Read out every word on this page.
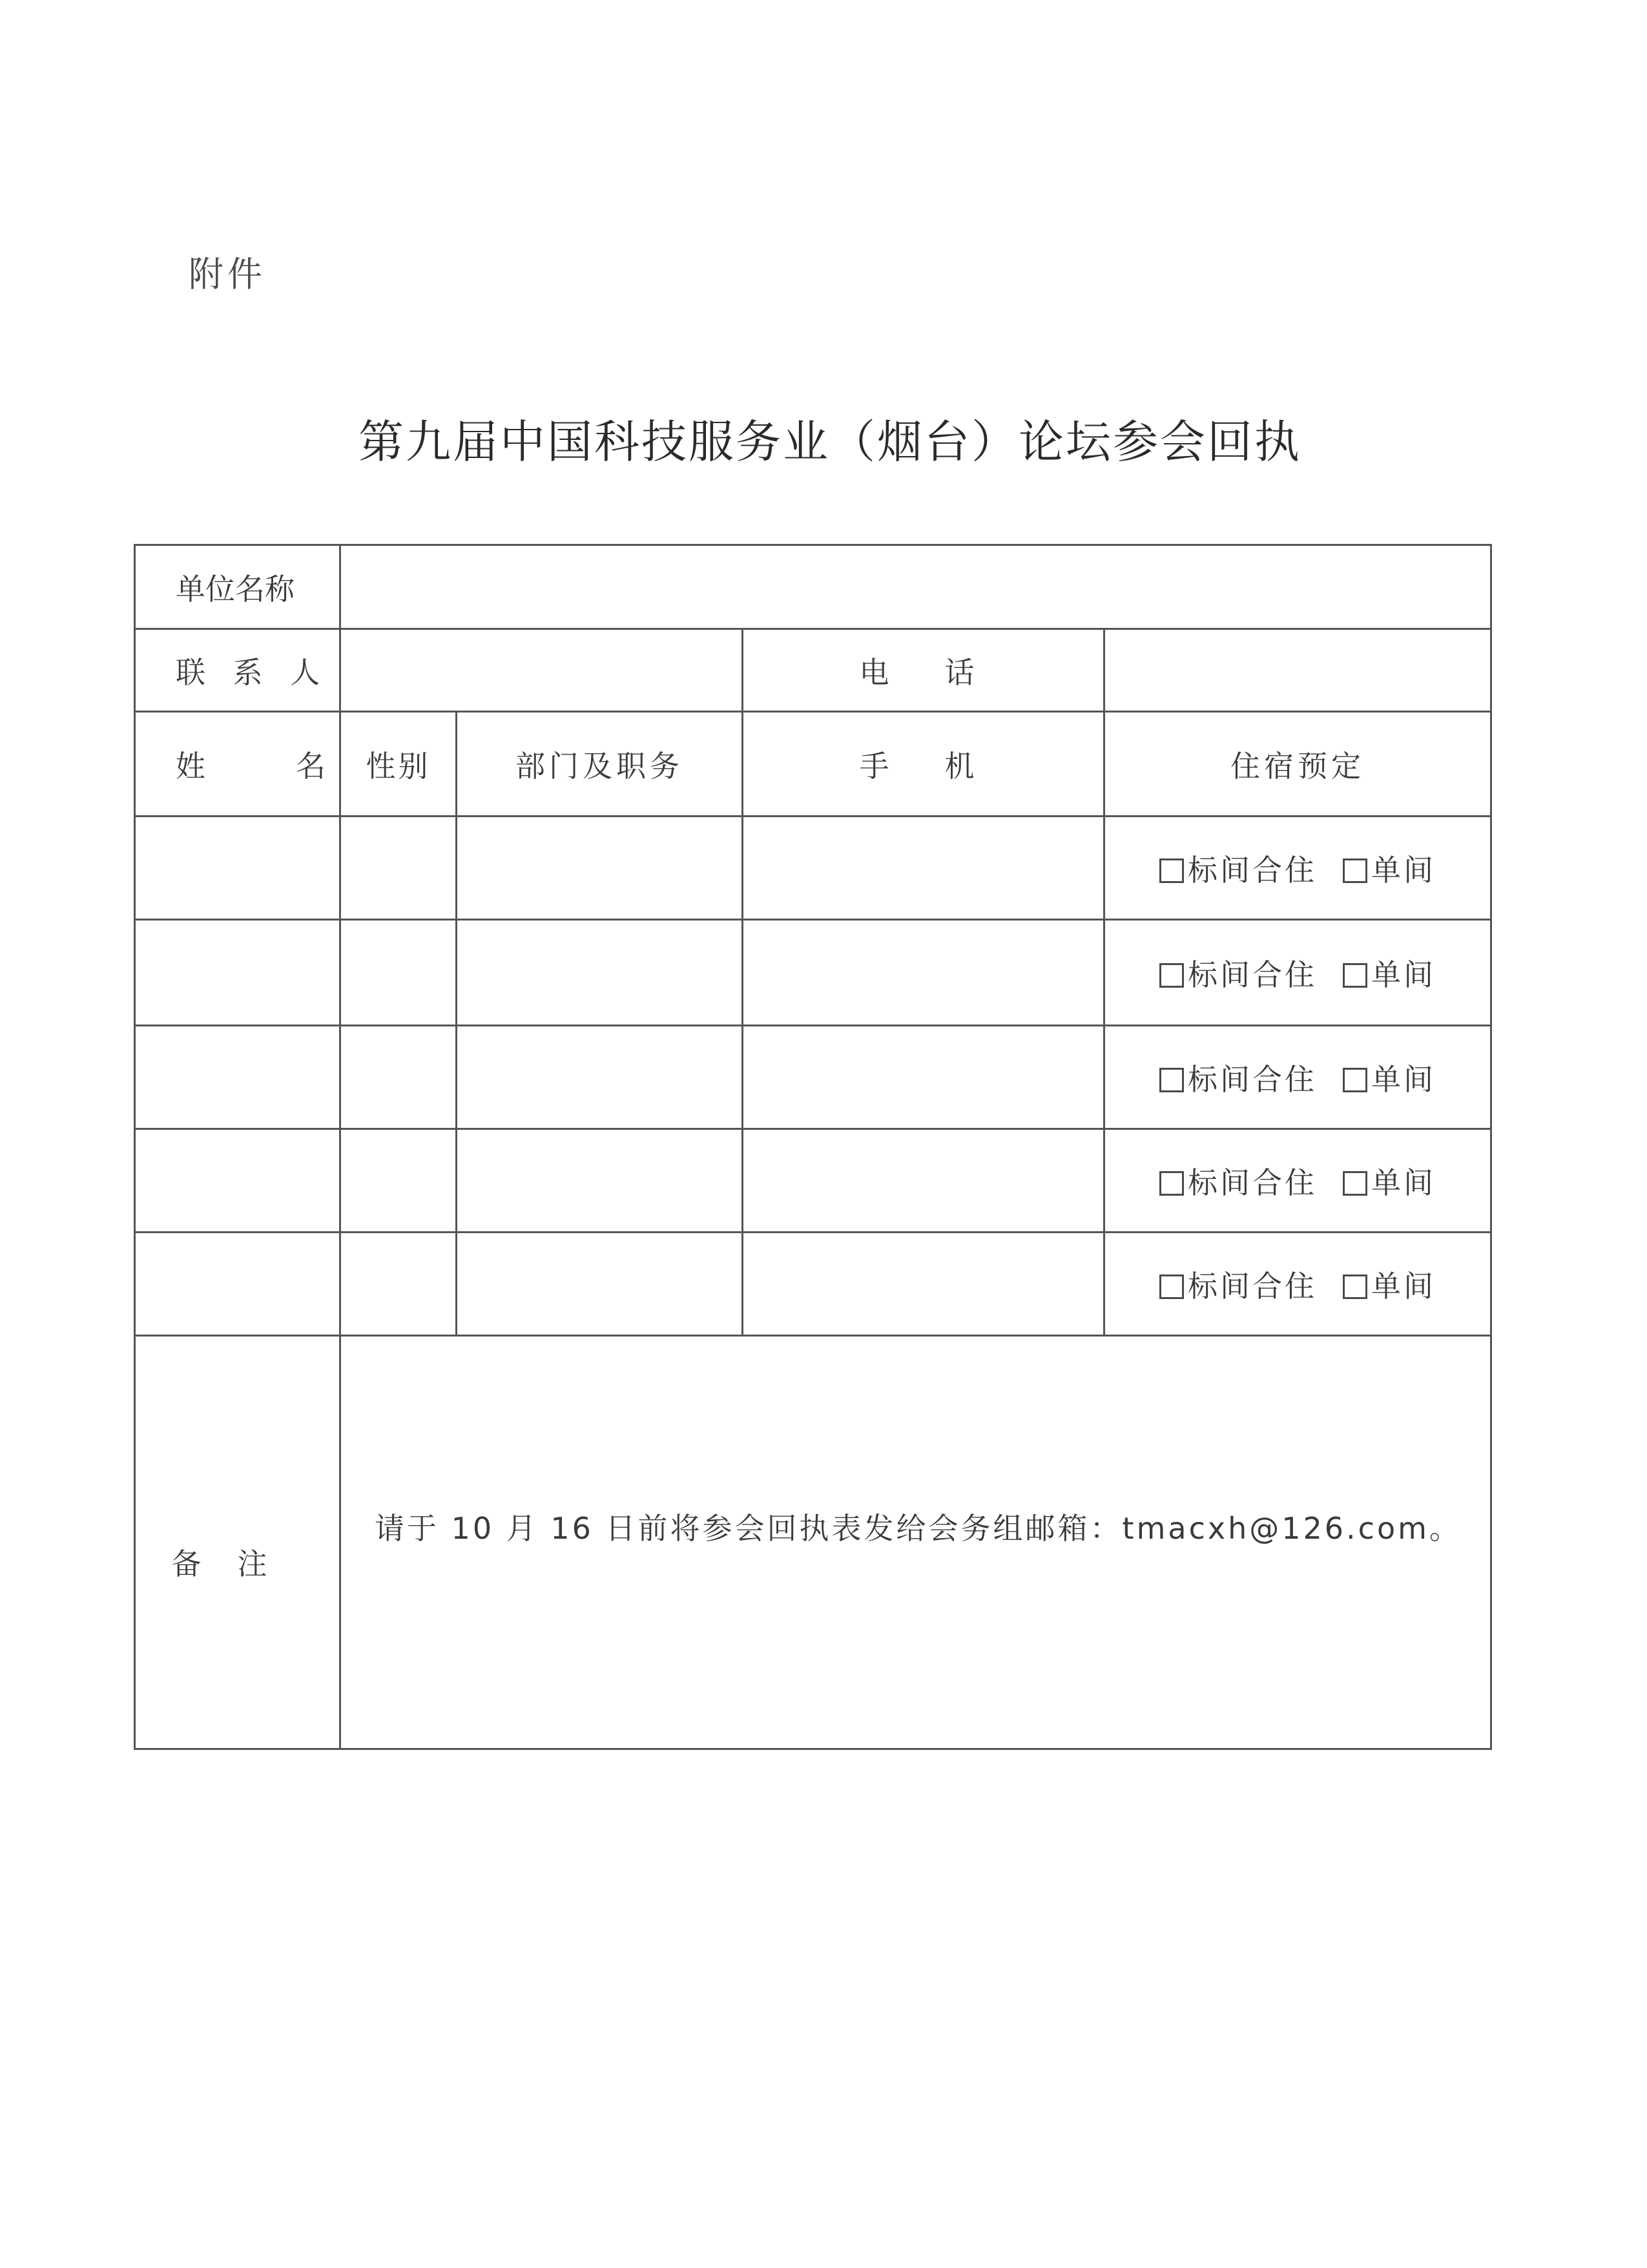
附件
第九届中国科技服务业（烟台）论坛参会回执
单位名称				
联 系 人			电　话	
姓 名	性别	部门及职务	手　机	住宿预定
				标间合住 单间
				标间合住 单间
				标间合住 单间
				标间合住 单间
				标间合住 单间
备注	请于 10 月 16 日前将参会回执表发给会务组邮箱：tmacxh@126.com。			
